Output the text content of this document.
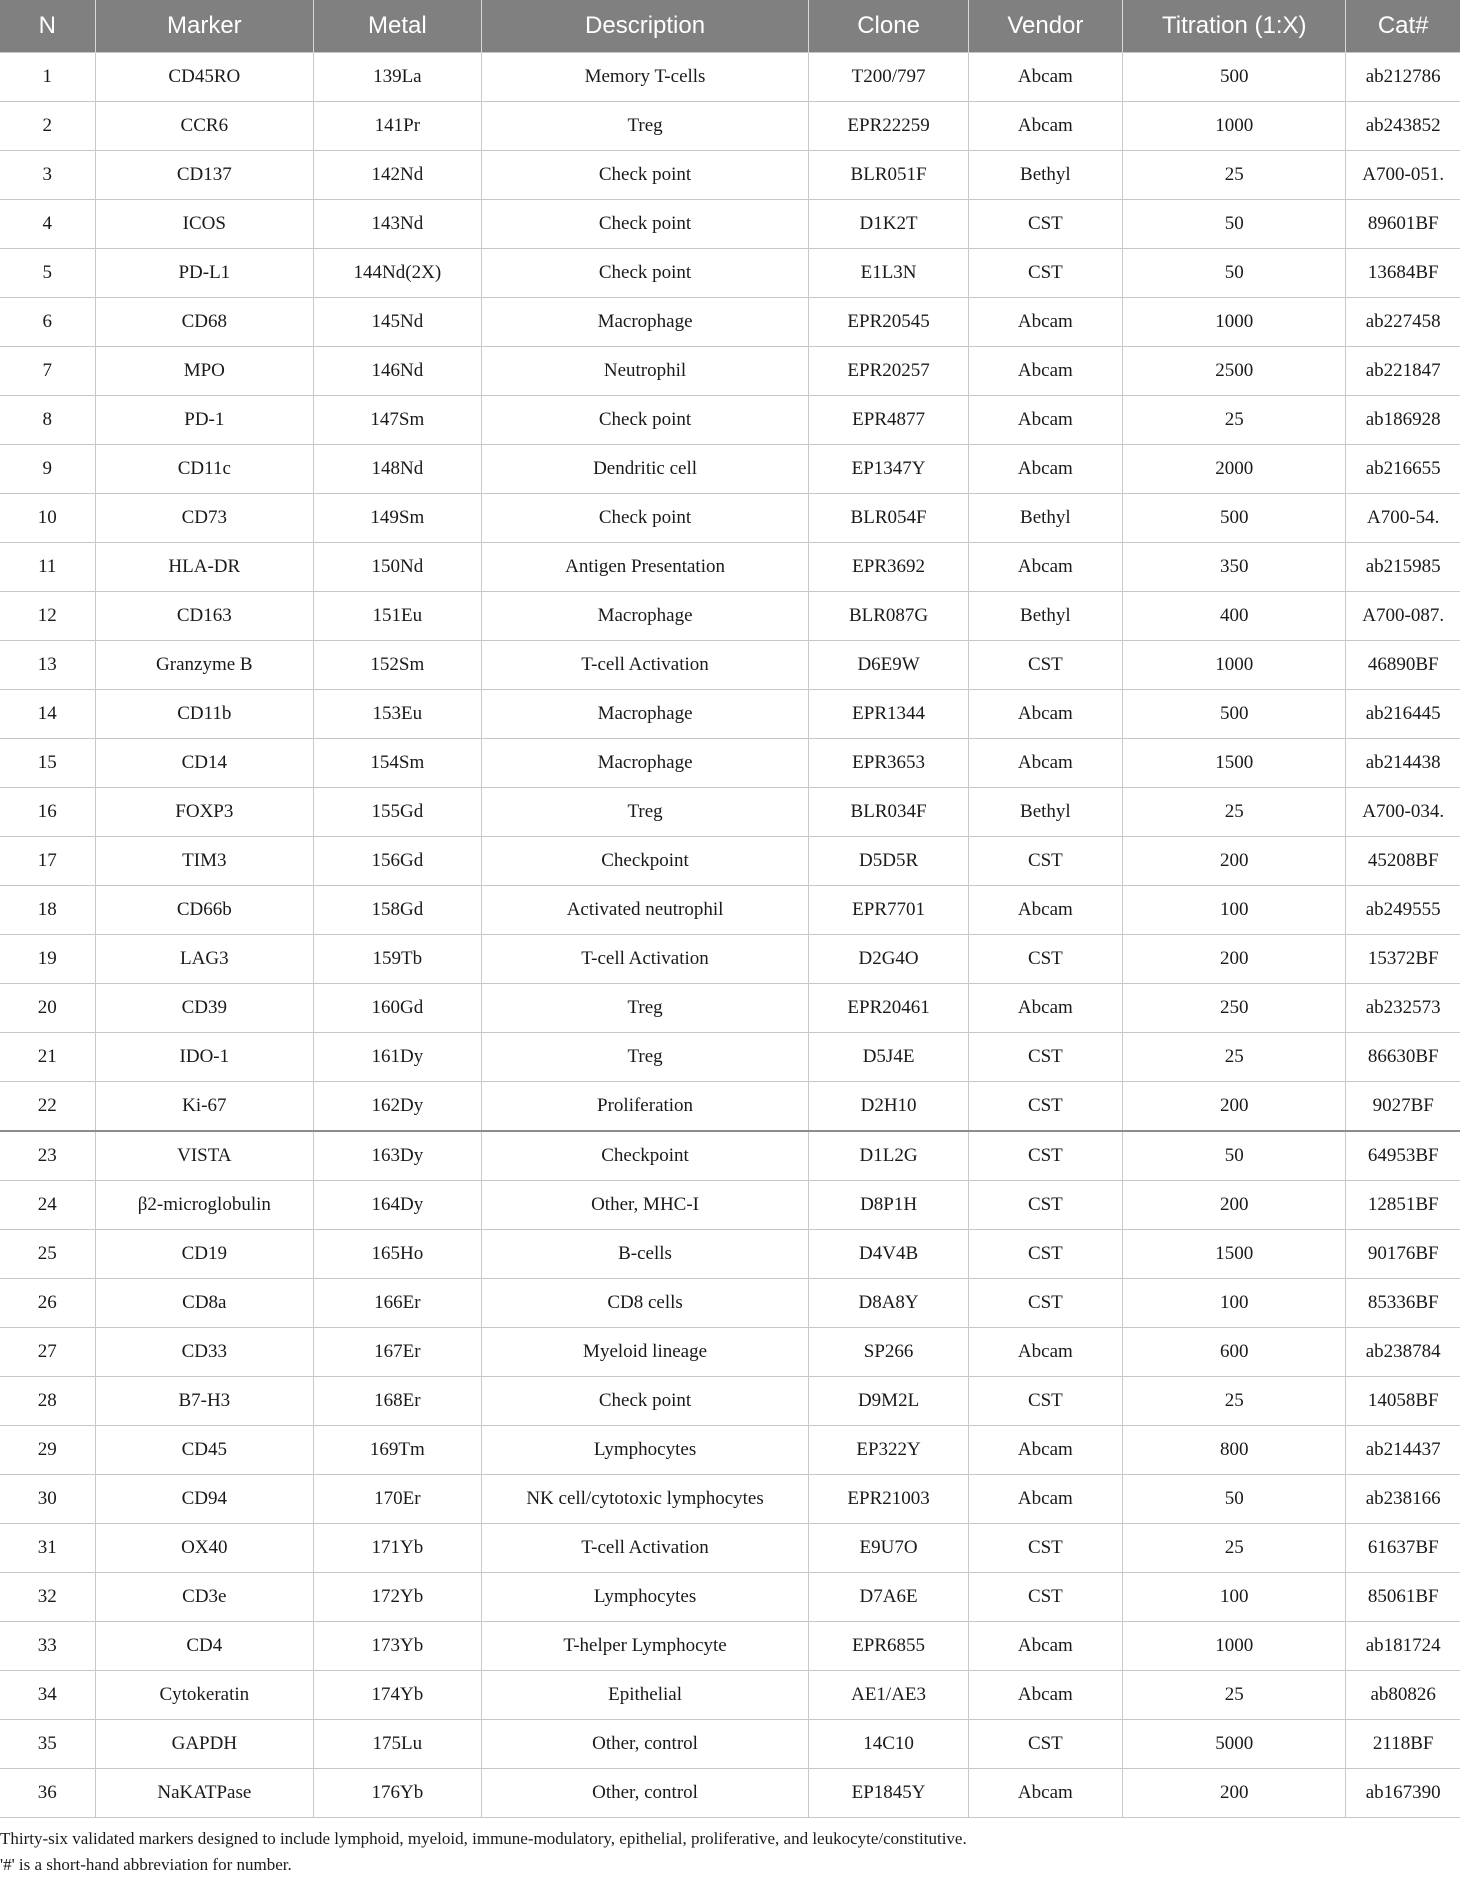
N	Marker	Metal	Description	Clone	Vendor	Titration (1:X)	Cat#
1	CD45RO	139La	Memory T-cells	T200/797	Abcam	500	ab212786
2	CCR6	141Pr	Treg	EPR22259	Abcam	1000	ab243852
3	CD137	142Nd	Check point	BLR051F	Bethyl	25	A700-051.
4	ICOS	143Nd	Check point	D1K2T	CST	50	89601BF
5	PD-L1	144Nd(2X)	Check point	E1L3N	CST	50	13684BF
6	CD68	145Nd	Macrophage	EPR20545	Abcam	1000	ab227458
7	MPO	146Nd	Neutrophil	EPR20257	Abcam	2500	ab221847
8	PD-1	147Sm	Check point	EPR4877	Abcam	25	ab186928
9	CD11c	148Nd	Dendritic cell	EP1347Y	Abcam	2000	ab216655
10	CD73	149Sm	Check point	BLR054F	Bethyl	500	A700-54.
11	HLA-DR	150Nd	Antigen Presentation	EPR3692	Abcam	350	ab215985
12	CD163	151Eu	Macrophage	BLR087G	Bethyl	400	A700-087.
13	Granzyme B	152Sm	T-cell Activation	D6E9W	CST	1000	46890BF
14	CD11b	153Eu	Macrophage	EPR1344	Abcam	500	ab216445
15	CD14	154Sm	Macrophage	EPR3653	Abcam	1500	ab214438
16	FOXP3	155Gd	Treg	BLR034F	Bethyl	25	A700-034.
17	TIM3	156Gd	Checkpoint	D5D5R	CST	200	45208BF
18	CD66b	158Gd	Activated neutrophil	EPR7701	Abcam	100	ab249555
19	LAG3	159Tb	T-cell Activation	D2G4O	CST	200	15372BF
20	CD39	160Gd	Treg	EPR20461	Abcam	250	ab232573
21	IDO-1	161Dy	Treg	D5J4E	CST	25	86630BF
22	Ki-67	162Dy	Proliferation	D2H10	CST	200	9027BF
23	VISTA	163Dy	Checkpoint	D1L2G	CST	50	64953BF
24	β2-microglobulin	164Dy	Other, MHC-I	D8P1H	CST	200	12851BF
25	CD19	165Ho	B-cells	D4V4B	CST	1500	90176BF
26	CD8a	166Er	CD8 cells	D8A8Y	CST	100	85336BF
27	CD33	167Er	Myeloid lineage	SP266	Abcam	600	ab238784
28	B7-H3	168Er	Check point	D9M2L	CST	25	14058BF
29	CD45	169Tm	Lymphocytes	EP322Y	Abcam	800	ab214437
30	CD94	170Er	NK cell/cytotoxic lymphocytes	EPR21003	Abcam	50	ab238166
31	OX40	171Yb	T-cell Activation	E9U7O	CST	25	61637BF
32	CD3e	172Yb	Lymphocytes	D7A6E	CST	100	85061BF
33	CD4	173Yb	T-helper Lymphocyte	EPR6855	Abcam	1000	ab181724
34	Cytokeratin	174Yb	Epithelial	AE1/AE3	Abcam	25	ab80826
35	GAPDH	175Lu	Other, control	14C10	CST	5000	2118BF
36	NaKATPase	176Yb	Other, control	EP1845Y	Abcam	200	ab167390
Thirty-six validated markers designed to include lymphoid, myeloid, immune-modulatory, epithelial, proliferative, and leukocyte/constitutive.
'#' is a short-hand abbreviation for number.
